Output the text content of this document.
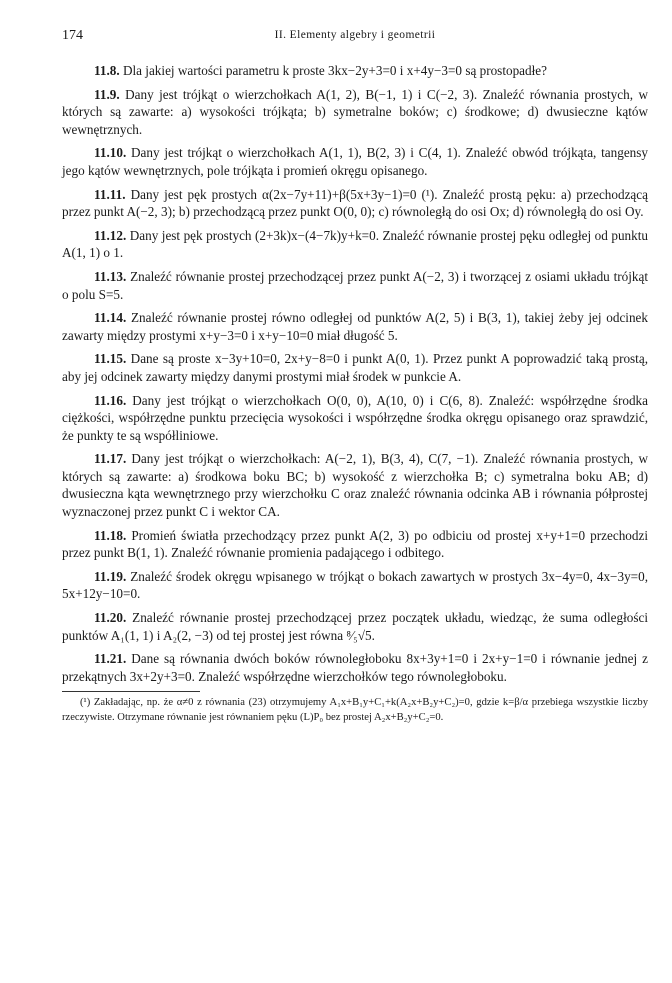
174	II. Elementy algebry i geometrii

11.8. Dla jakiej wartości parametru k proste 3kx−2y+3=0 i x+4y−3=0 są prostopadłe?

11.9. Dany jest trójkąt o wierzchołkach A(1, 2), B(−1, 1) i C(−2, 3). Znaleźć równania prostych, w których są zawarte: a) wysokości trójkąta; b) symetralne boków; c) środkowe; d) dwusieczne kątów wewnętrznych.

11.10. Dany jest trójkąt o wierzchołkach A(1, 1), B(2, 3) i C(4, 1). Znaleźć obwód trójkąta, tangensy jego kątów wewnętrznych, pole trójkąta i promień okręgu opisanego.

11.11. Dany jest pęk prostych α(2x−7y+11)+β(5x+3y−1)=0 (¹). Znaleźć prostą pęku: a) przechodzącą przez punkt A(−2, 3); b) przechodzącą przez punkt O(0, 0); c) równoległą do osi Ox; d) równoległą do osi Oy.

11.12. Dany jest pęk prostych (2+3k)x−(4−7k)y+k=0. Znaleźć równanie prostej pęku odległej od punktu A(1, 1) o 1.

11.13. Znaleźć równanie prostej przechodzącej przez punkt A(−2, 3) i tworzącej z osiami układu trójkąt o polu S=5.

11.14. Znaleźć równanie prostej równo odległej od punktów A(2, 5) i B(3, 1), takiej żeby jej odcinek zawarty między prostymi x+y−3=0 i x+y−10=0 miał długość 5.

11.15. Dane są proste x−3y+10=0, 2x+y−8=0 i punkt A(0, 1). Przez punkt A poprowadzić taką prostą, aby jej odcinek zawarty między danymi prostymi miał środek w punkcie A.

11.16. Dany jest trójkąt o wierzchołkach O(0, 0), A(10, 0) i C(6, 8). Znaleźć: współrzędne środka ciężkości, współrzędne punktu przecięcia wysokości i współrzędne środka okręgu opisanego oraz sprawdzić, że punkty te są współliniowe.

11.17. Dany jest trójkąt o wierzchołkach: A(−2, 1), B(3, 4), C(7, −1). Znaleźć równania prostych, w których są zawarte: a) środkowa boku BC; b) wysokość z wierzchołka B; c) symetralna boku AB; d) dwusieczna kąta wewnętrznego przy wierzchołku C oraz znaleźć równania odcinka AB i równania półprostej wyznaczonej przez punkt C i wektor CA.

11.18. Promień światła przechodzący przez punkt A(2, 3) po odbiciu od prostej x+y+1=0 przechodzi przez punkt B(1, 1). Znaleźć równanie promienia padającego i odbitego.

11.19. Znaleźć środek okręgu wpisanego w trójkąt o bokach zawartych w prostych 3x−4y=0, 4x−3y=0, 5x+12y−10=0.

11.20. Znaleźć równanie prostej przechodzącej przez początek układu, wiedząc, że suma odległości punktów A₁(1, 1) i A₂(2, −3) od tej prostej jest równa ⁸⁄₅√5.

11.21. Dane są równania dwóch boków równoległoboku 8x+3y+1=0 i 2x+y−1=0 i równanie jednej z przekątnych 3x+2y+3=0. Znaleźć współrzędne wierzchołków tego równoległoboku.

(¹) Zakładając, np. że α≠0 z równania (23) otrzymujemy A₁x+B₁y+C₁+k(A₂x+B₂y+C₂)=0, gdzie k=β/α przebiega wszystkie liczby rzeczywiste. Otrzymane równanie jest równaniem pęku (L)P₀ bez prostej A₂x+B₂y+C₂=0.
